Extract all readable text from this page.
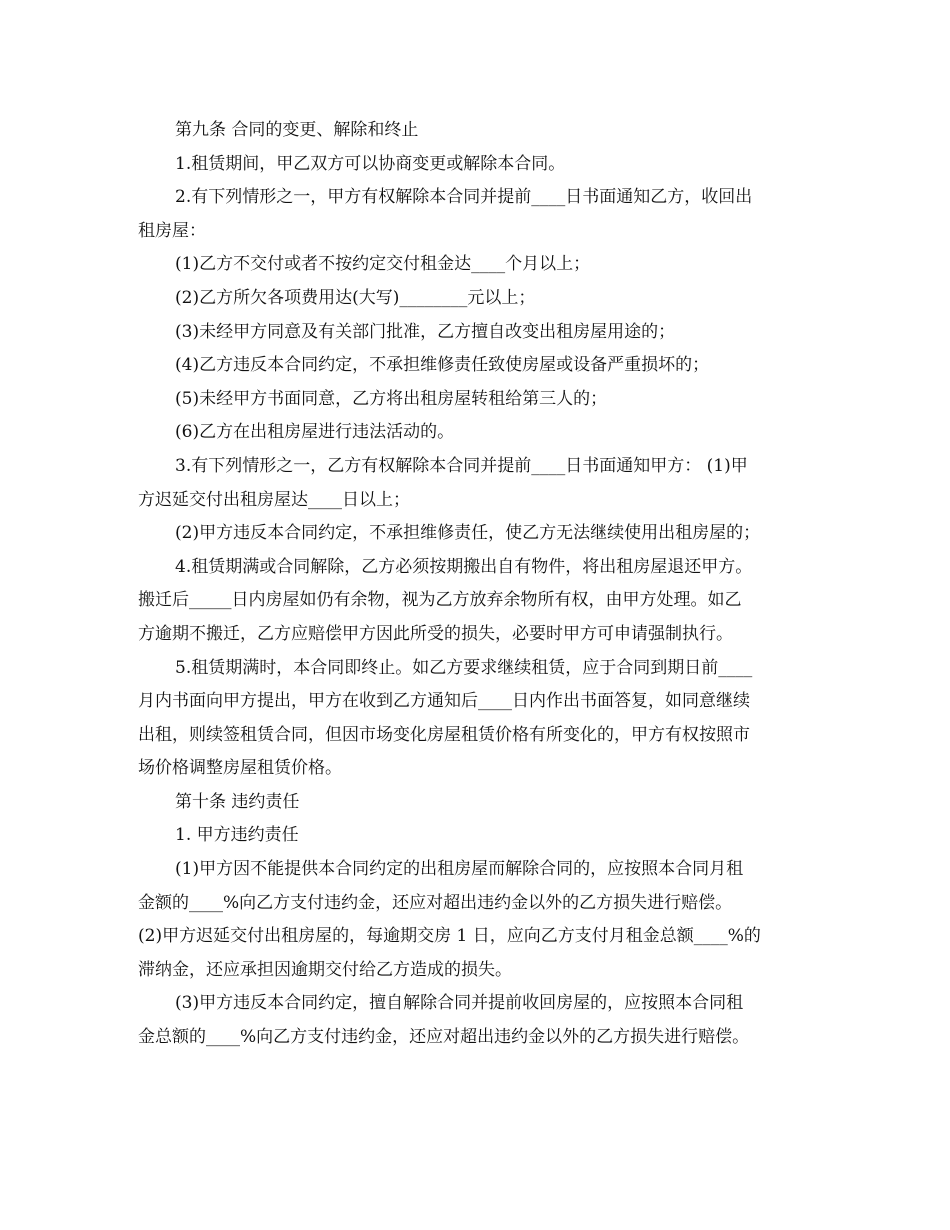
第九条 合同的变更、解除和终止
1.租赁期间，甲乙双方可以协商变更或解除本合同。
2.有下列情形之一，甲方有权解除本合同并提前____日书面通知乙方，收回出
租房屋：
(1)乙方不交付或者不按约定交付租金达____个月以上；
(2)乙方所欠各项费用达(大写)________元以上；
(3)未经甲方同意及有关部门批准，乙方擅自改变出租房屋用途的；
(4)乙方违反本合同约定，不承担维修责任致使房屋或设备严重损坏的；
(5)未经甲方书面同意，乙方将出租房屋转租给第三人的；
(6)乙方在出租房屋进行违法活动的。
3.有下列情形之一，乙方有权解除本合同并提前____日书面通知甲方： (1)甲
方迟延交付出租房屋达____日以上；
(2)甲方违反本合同约定，不承担维修责任，使乙方无法继续使用出租房屋的；
4.租赁期满或合同解除，乙方必须按期搬出自有物件，将出租房屋退还甲方。
搬迁后_____日内房屋如仍有余物，视为乙方放弃余物所有权，由甲方处理。如乙
方逾期不搬迁，乙方应赔偿甲方因此所受的损失，必要时甲方可申请强制执行。
5.租赁期满时，本合同即终止。如乙方要求继续租赁，应于合同到期日前____
月内书面向甲方提出，甲方在收到乙方通知后____日内作出书面答复，如同意继续
出租，则续签租赁合同，但因市场变化房屋租赁价格有所变化的，甲方有权按照市
场价格调整房屋租赁价格。
第十条 违约责任
1. 甲方违约责任
(1)甲方因不能提供本合同约定的出租房屋而解除合同的，应按照本合同月租
金额的____%向乙方支付违约金，还应对超出违约金以外的乙方损失进行赔偿。
(2)甲方迟延交付出租房屋的，每逾期交房 1 日，应向乙方支付月租金总额____%的
滞纳金，还应承担因逾期交付给乙方造成的损失。
(3)甲方违反本合同约定，擅自解除合同并提前收回房屋的，应按照本合同租
金总额的____%向乙方支付违约金，还应对超出违约金以外的乙方损失进行赔偿。
